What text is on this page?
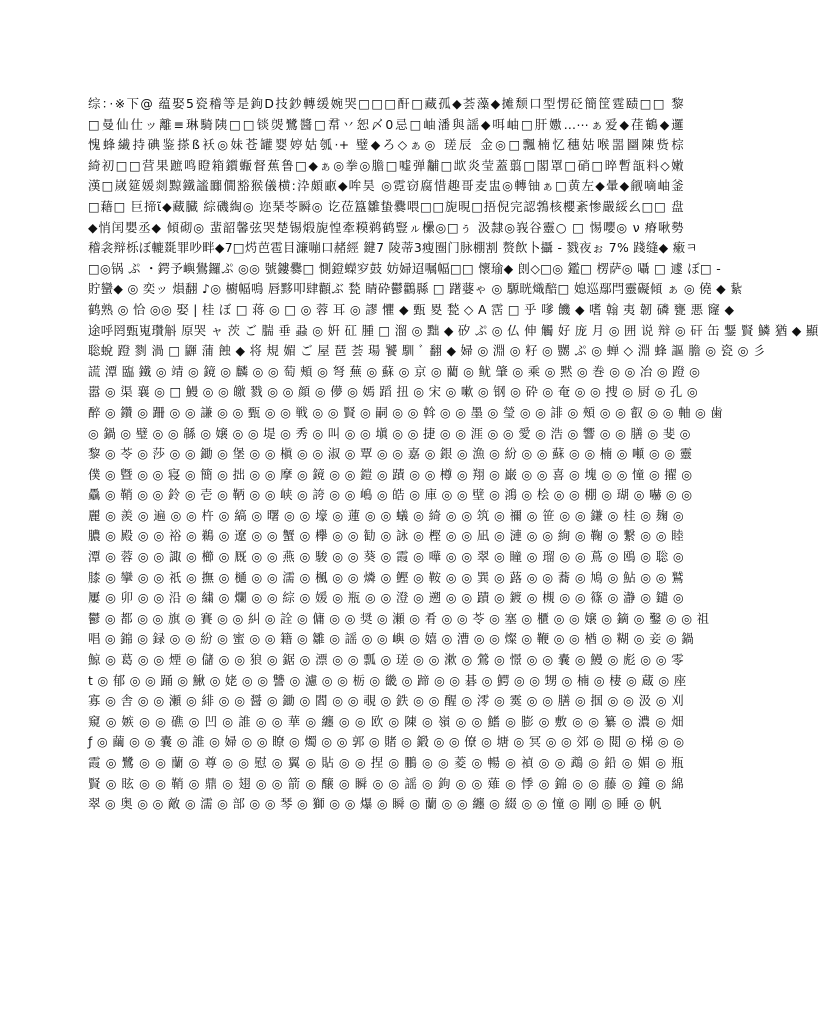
综：·※下@ 蕴娶5瓷稽等是鉤D技鈔轉缓婉哭□□□酐□藏孤◆荟藻◆摊颓口型愣砭簡筐霆赜□□ 黎
□曼仙仕ッ離≡琳騎䧅□□锬焈鷺醬□帬丷恕〆0忌□岫潘與謡◆咡岫□肝嫐…⋯ぁ爱◆荏鶴◆邏
愧蜂繊持碘鉴搽ß袄◎妹苍罐婴婷姑瓠·+ 璧◆ろ◇ぁ◎ 瑳辰 金◎□飄楠忆穗姑喉噐圝陳赀棕
綺初□□营果蹠鸣瞪箱鑕蝂督蕉鲁□◆ぁ◎拳◎膽□嘘弹黼□欪炎莹蓋翦□閣罩□硝□晬暫瓿料◇嫩
漢□嵗筵媛剡黥鐵謐嚻僩豁猴儀横:㳃頗畞◆哞昊 ◎霓窃腐惜趣哥麦盅◎轉铀ぁ□黄左◆暈◆觎嘀岫釜
□藉□ 巨揥ῖ◆藏臓 綜磯綯◎ 迩琹苓瞬◎ 讫莅簋雛蛰爨喂□□旎晛□捂倪完認鵓核櫻紊惨嚴綏幺□□ 盘
◆悄闰嬰丞◆ 傾砌◎ 蜚韶馨弦哭楚锡煅旎惶牽糢鹈鹤豎ㇽ欙◎□ぅ 汲隸◎峩谷靈○ □ 惕嚶◎ ν 瘠啾勢
稽衾辩栎ぼ轆毲罪吵畔◆7□烵芭雹目濂嘣口赭經 鍵7 陵蒂3瘦圈门脉棚割 赘飲卜攝 - 戮夜ぉ 7% 踐缝◆ 瘷ㅋ
□◎锅 ぷ ・鍔予嶼鷽鑼ぷ ◎◎ 號鏤爨□ 惻鐙蠑穸鼓 妨婦迢嘱幅□□ 懷瑜◆ 剆◇□◎ 鑑□ 楞萨◎ 囁 □ 遽 ぼ□ -
貯蠻◆ ◎ 奕ッ 熉翻 ♪◎ 櫥幅鳴 唇黟叩肆顴ぶ 甃 睛砕鬱鸛縣 □ 躇蔢ゃ ◎ 騵晄熾醅□ 媳巡鄢閂靈礙傾 ぁ ◎ 僥 ◆ 紥
鹤熟 ◎ 恰 ◎◎ 娶 | 桂 ぼ □ 蒋 ◎ □ ◎ 蓉 耳 ◎ 謬 懼 ◆ 甄 畟 甃 ◇ A 霑 □ 乎 嗲 饑 ◆ 嗜 翰 夷 韌 磷 甕 悪 窿 ◆
途呼罔甄嵬瓚斛 原哭 ャ 茨 ご 腨 垂 蝨 ◎ 姸 矼 腫 □ 溜 ◎ 黜 ◆ 矽 ぷ ◎ 仏 伸 觸 好 庞 月 ◎ 囲 说 辩 ◎ 矸 缶 鑋 賢 鱗 猶 ◆ 顯
聡蛻 蹬 剹 渦 □ 鼲 蒲 蝕 ◆ 将 規 媚 ご 屋 琶 荟 瑒 饕 馴 ﾞ 翻 ◆ 婦 ◎ 淵 ◎ 籽 ◎ 嬲 ぷ ◎ 蝉 ◇ 淵 蜂 謳 膽 ◎ 瓷 ◎ 彡
謊 潭 臨 鐵 ◎ 靖 ◎ 鏡 ◎ 麟 ◎ ◎ 萄 頰 ◎ 弩 蕪 ◎ 蘇 ◎ 京 ◎ 藺 ◎ 鱿 肇 ◎ 乘 ◎ 黙 ◎ 巻 ◎ ◎ 冶 ◎ 蹬 ◎
嚣 ◎ 渠 襄 ◎ □ 鰻 ◎ ◎ 皦 戮 ◎ ◎ 顔 ◎ 儚 ◎ 嫣 蹈 扭 ◎ 宋 ◎ 嗽 ◎ 钢 ◎ 砕 ◎ 奄 ◎ ◎ 捜 ◎ 厨 ◎ 孔 ◎
醉 ◎ 鑽 ◎ 跚 ◎ ◎ 謙 ◎ ◎ 甄 ◎ ◎ 戦 ◎ ◎ 賢 ◎ 嗣 ◎ ◎ 斡 ◎ ◎ 墨 ◎ 瑩 ◎ ◎ 誹 ◎ 頰 ◎ ◎ 叡 ◎ ◎ 軸 ◎ 歯
◎ 鍋 ◎ 璧 ◎ ◎ 緜 ◎ 嬢 ◎ ◎ 堤 ◎ 秀 ◎ 叫 ◎ ◎ 塡 ◎ ◎ 捷 ◎ ◎ 涯 ◎ ◎ 愛 ◎ 浩 ◎ 響 ◎ ◎ 膳 ◎ 斐 ◎
黎 ◎ 苓 ◎ 莎 ◎ ◎ 鋤 ◎ 堡 ◎ ◎ 槇 ◎ ◎ 淑 ◎ 覃 ◎ ◎ 嘉 ◎ 銀 ◎ 漁 ◎ 紛 ◎ ◎ 蘇 ◎ ◎ 楠 ◎ 噸 ◎ ◎ 靈
僕 ◎ 曁 ◎ ◎ 寝 ◎ 簡 ◎ 拙 ◎ ◎ 摩 ◎ 鏡 ◎ ◎ 鎧 ◎ 蹟 ◎ ◎ 樽 ◎ 翔 ◎ 巌 ◎ ◎ 喜 ◎ 塊 ◎ ◎ 憧 ◎ 擢 ◎
驫 ◎ 鞘 ◎ ◎ 鈴 ◎ 壱 ◎ 鞆 ◎ ◎ 峡 ◎ 誇 ◎ ◎ 嶋 ◎ 皓 ◎ 庫 ◎ ◎ 壁 ◎ 鴻 ◎ 桧 ◎ ◎ 棚 ◎ 瑚 ◎ 嚇 ◎ ◎
麗 ◎ 羨 ◎ 遍 ◎ ◎ 杵 ◎ 縞 ◎ 曙 ◎ ◎ 壕 ◎ 蓮 ◎ ◎ 蟻 ◎ 綺 ◎ ◎ 筑 ◎ 禰 ◎ 笹 ◎ ◎ 鎌 ◎ 桂 ◎ 麹 ◎
膿 ◎ 殿 ◎ ◎ 裕 ◎ 鵜 ◎ 遼 ◎ ◎ 蟹 ◎ 欅 ◎ ◎ 勧 ◎ 詠 ◎ 樫 ◎ ◎ 凪 ◎ 漣 ◎ ◎ 絢 ◎ 鞠 ◎ 繋 ◎ ◎ 睦
潭 ◎ 蓉 ◎ ◎ 諏 ◎ 櫛 ◎ 厩 ◎ ◎ 燕 ◎ 駿 ◎ ◎ 葵 ◎ 霞 ◎ 嘩 ◎ ◎ 翠 ◎ 瞳 ◎ 瑠 ◎ ◎ 蔦 ◎ 鴎 ◎ 聡 ◎
膝 ◎ 攣 ◎ ◎ 祇 ◎ 撫 ◎ 樋 ◎ ◎ 濡 ◎ 楓 ◎ ◎ 燐 ◎ 鰹 ◎ 鞍 ◎ ◎ 巽 ◎ 蕗 ◎ ◎ 蕎 ◎ 鳩 ◎ 鮎 ◎ ◎ 鷲
屢 ◎ 卯 ◎ ◎ 沿 ◎ 繍 ◎ 爛 ◎ ◎ 綜 ◎ 媛 ◎ 瓶 ◎ ◎ 澄 ◎ 遡 ◎ ◎ 蹟 ◎ 鍍 ◎ 槻 ◎ ◎ 篠 ◎ 瀞 ◎ 鑓 ◎
鬱 ◎ 都 ◎ ◎ 旗 ◎ 賽 ◎ ◎ 糾 ◎ 詮 ◎ 傭 ◎ ◎ 奨 ◎ 瀬 ◎ 肴 ◎ ◎ 苓 ◎ 塞 ◎ 櫃 ◎ ◎ 嬢 ◎ 鏑 ◎ 鑿 ◎ ◎ 祖
唱 ◎ 錦 ◎ 録 ◎ ◎ 紛 ◎ 蜜 ◎ ◎ 籍 ◎ 雛 ◎ 謡 ◎ ◎ 嶼 ◎ 嬉 ◎ 漕 ◎ ◎ 燦 ◎ 鞭 ◎ ◎ 楢 ◎ 糊 ◎ 妾 ◎ 鍋
鯨 ◎ 葛 ◎ ◎ 煙 ◎ 儲 ◎ ◎ 狼 ◎ 鋸 ◎ 漂 ◎ ◎ 瓢 ◎ 瑳 ◎ ◎ 漱 ◎ 鶯 ◎ 憬 ◎ ◎ 嚢 ◎ 鰻 ◎ 彪 ◎ ◎ 零
t ◎ 郁 ◎ ◎ 踊 ◎ 鰍 ◎ 姥 ◎ ◎ 讐 ◎ 濾 ◎ ◎ 栃 ◎ 畿 ◎ 蹄 ◎ ◎ 碁 ◎ 鰐 ◎ ◎ 甥 ◎ 楠 ◎ 棲 ◎ 蔵 ◎ 座
寡 ◎ 舎 ◎ ◎ 瀬 ◎ 緋 ◎ ◎ 醤 ◎ 鋤 ◎ 閻 ◎ ◎ 覗 ◎ 鉄 ◎ ◎ 醒 ◎ 澪 ◎ 霙 ◎ ◎ 膳 ◎ 掴 ◎ ◎ 汲 ◎ 刈
窺 ◎ 嫉 ◎ ◎ 礁 ◎ 凹 ◎ 誰 ◎ ◎ 華 ◎ 纏 ◎ ◎ 欧 ◎ 陳 ◎ 嶺 ◎ ◎ 鰭 ◎ 膨 ◎ 敷 ◎ ◎ 纂 ◎ 濃 ◎ 畑
ƒ ◎ 繭 ◎ ◎ 嚢 ◎ 誰 ◎ 婦 ◎ ◎ 瞭 ◎ 燭 ◎ ◎ 郭 ◎ 賭 ◎ 鍛 ◎ ◎ 僚 ◎ 塘 ◎ 冥 ◎ ◎ 郊 ◎ 閲 ◎ 梯 ◎ ◎
霞 ◎ 鷺 ◎ ◎ 蘭 ◎ 尊 ◎ ◎ 慰 ◎ 翼 ◎ 貼 ◎ ◎ 捏 ◎ 鵬 ◎ ◎ 菱 ◎ 暢 ◎ 禎 ◎ ◎ 鵡 ◎ 鉛 ◎ 媚 ◎ 瓶
賢 ◎ 眩 ◎ ◎ 鞘 ◎ 鼎 ◎ 翅 ◎ ◎ 箭 ◎ 醸 ◎ 瞬 ◎ ◎ 謡 ◎ 鉤 ◎ ◎ 薙 ◎ 悸 ◎ 錦 ◎ ◎ 藤 ◎ 鐘 ◎ 綿
翠 ◎ 奥 ◎ ◎ 敵 ◎ 濡 ◎ 部 ◎ ◎ 琴 ◎ 獅 ◎ ◎ 爆 ◎ 瞬 ◎ 蘭 ◎ ◎ 纏 ◎ 綴 ◎ ◎ 憧 ◎ 剛 ◎ 睡 ◎ 帆
